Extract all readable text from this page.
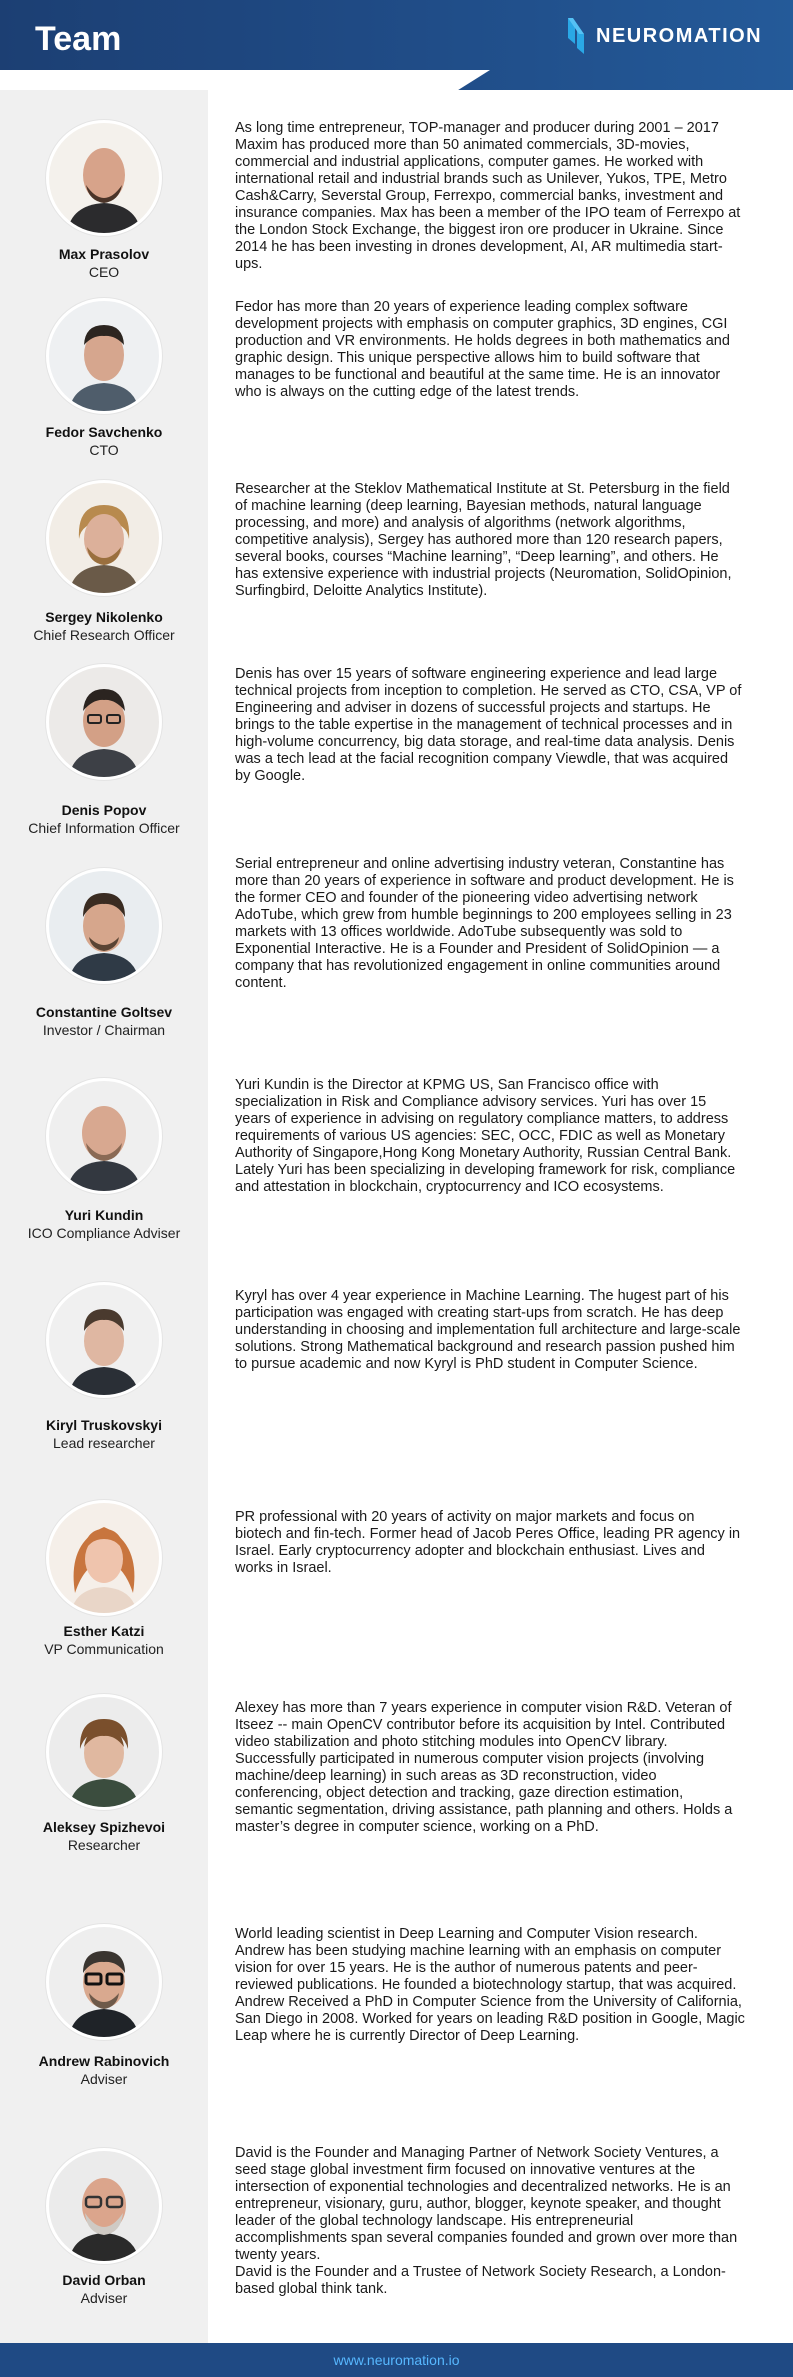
Team	NEUROMATION
Max Prasolov
CEO
As long time entrepreneur, TOP-manager and producer during 2001 – 2017 Maxim has produced more than 50 animated commercials, 3D-movies, commercial and industrial applications, computer games. He worked with international retail and industrial brands such as Unilever, Yukos, TPE, Metro Cash&Carry, Severstal Group, Ferrexpo, commercial banks, investment and insurance companies. Max has been a member of the IPO team of Ferrexpo at the London Stock Exchange, the biggest iron ore producer in Ukraine. Since 2014 he has been investing in drones development, AI, AR multimedia start-ups.
Fedor Savchenko
CTO
Fedor has more than 20 years of experience leading complex software development projects with emphasis on computer graphics, 3D engines, CGI production and VR environments. He holds degrees in both mathematics and graphic design. This unique perspective allows him to build software that manages to be functional and beautiful at the same time. He is an innovator who is always on the cutting edge of the latest trends.
Sergey Nikolenko
Chief Research Officer
Researcher at the Steklov Mathematical Institute at St. Petersburg in the field of machine learning (deep learning, Bayesian methods, natural language processing, and more) and analysis of algorithms (network algorithms, competitive analysis), Sergey has authored more than 120 research papers, several books, courses “Machine learning”, “Deep learning”, and others. He has extensive experience with industrial projects (Neuromation, SolidOpinion, Surfingbird, Deloitte Analytics Institute).
Denis Popov
Chief Information Officer
Denis has over 15 years of software engineering experience and lead large technical projects from inception to completion. He served as CTO, CSA, VP of Engineering and adviser in dozens of successful projects and startups. He brings to the table expertise in the management of technical processes and in high-volume concurrency, big data storage, and real-time data analysis. Denis was a tech lead at the facial recognition company Viewdle, that was acquired by Google.
Constantine Goltsev
Investor / Chairman
Serial entrepreneur and online advertising industry veteran, Constantine has more than 20 years of experience in software and product development. He is the former CEO and founder of the pioneering video advertising network AdoTube, which grew from humble beginnings to 200 employees selling in 23 markets with 13 offices worldwide. AdoTube subsequently was sold to Exponential Interactive. He is a Founder and President of SolidOpinion — a company that has revolutionized engagement in online communities around content.
Yuri Kundin
ICO Compliance Adviser
Yuri Kundin is the Director at KPMG US, San Francisco office with specialization in Risk and Compliance advisory services. Yuri has over 15 years of experience in advising on regulatory compliance matters, to address requirements of various US agencies: SEC, OCC, FDIC as well as Monetary Authority of Singapore,Hong Kong Monetary Authority, Russian Central Bank. Lately Yuri has been specializing in developing framework for risk, compliance and attestation in blockchain, cryptocurrency and ICO ecosystems.
Kiryl Truskovskyi
Lead researcher
Kyryl has over 4 year experience in Machine Learning. The hugest part of his participation was engaged with creating start-ups from scratch. He has deep understanding in choosing and implementation full architecture and large-scale solutions. Strong Mathematical background and research passion pushed him to pursue academic and now Kyryl is PhD student in Computer Science.
Esther Katzi
VP Communication
PR professional with 20 years of activity on major markets and focus on biotech and fin-tech. Former head of Jacob Peres Office, leading PR agency in Israel. Early cryptocurrency adopter and blockchain enthusiast. Lives and works in Israel.
Aleksey Spizhevoi
Researcher
Alexey has more than 7 years experience in computer vision R&D. Veteran of Itseez -- main OpenCV contributor before its acquisition by Intel. Contributed video stabilization and photo stitching modules into OpenCV library. Successfully participated in numerous computer vision projects (involving machine/deep learning) in such areas as 3D reconstruction, video conferencing, object detection and tracking, gaze direction estimation, semantic segmentation, driving assistance, path planning and others. Holds a master’s degree in computer science, working on a PhD.
Andrew Rabinovich
Adviser
World leading scientist in Deep Learning and Computer Vision research. Andrew has been studying machine learning with an emphasis on computer vision for over 15 years. He is the author of numerous patents and peer-reviewed publications. He founded a biotechnology startup, that was acquired. Andrew Received a PhD in Computer Science from the University of California, San Diego in 2008. Worked for years on leading R&D position in Google, Magic Leap where he is currently Director of Deep Learning.
David Orban
Adviser
David is the Founder and Managing Partner of Network Society Ventures, a seed stage global investment firm focused on innovative ventures at the intersection of exponential technologies and decentralized networks. He is an entrepreneur, visionary, guru, author, blogger, keynote speaker, and thought leader of the global technology landscape. His entrepreneurial accomplishments span several companies founded and grown over more than twenty years.
David is the Founder and a Trustee of Network Society Research, a London-based global think tank.
www.neuromation.io
